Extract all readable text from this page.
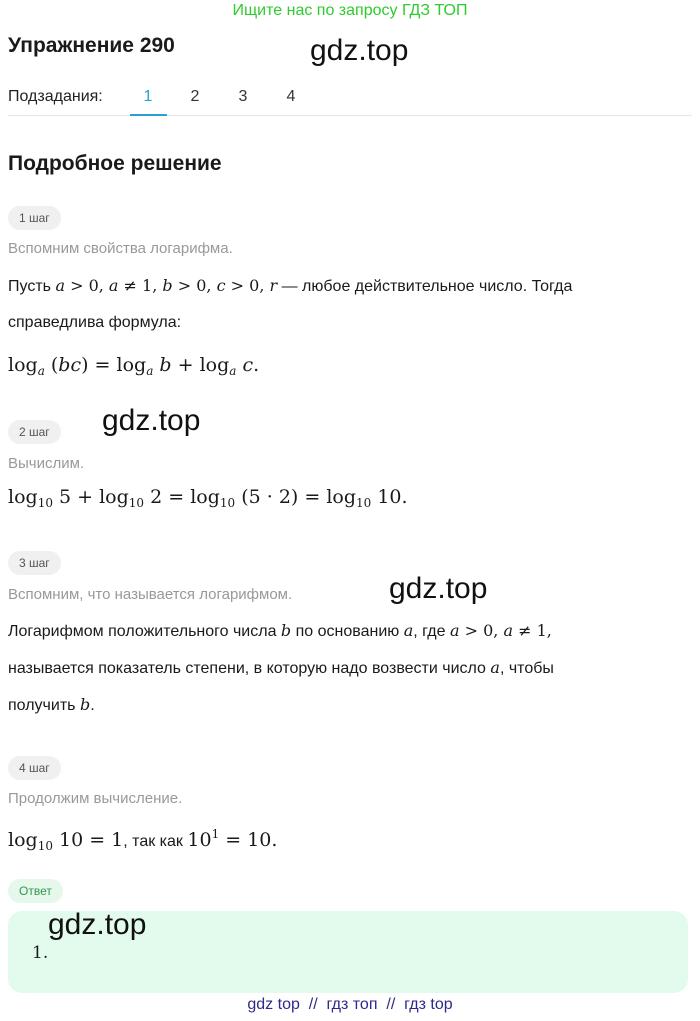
Ищите нас по запросу ГДЗ ТОП
Упражнение 290	gdz.top
Подзадания:	1	2	3	4
Подробное решение
1 шаг
Вспомним свойства логарифма.
Пусть a > 0, a ≠ 1, b > 0, c > 0, r — любое действительное число. Тогда
справедлива формула:
$\log_a (bc) = \log_a b + \log_a c$.
gdz.top
2 шаг
Вычислим.
$\log_{10} 5 + \log_{10} 2 = \log_{10} (5 \cdot 2) = \log_{10} 10$.
3 шаг
gdz.top
Вспомним, что называется логарифмом.
Логарифмом положительного числа b по основанию a, где a > 0, a ≠ 1,
называется показатель степени, в которую надо возвести число a, чтобы
получить b.
4 шаг
Продолжим вычисление.
$\log_{10} 10 = 1$, так как $10^1 = 10$.
Ответ
gdz.top
1.
gdz top  //  гдз топ  //  гдз top
